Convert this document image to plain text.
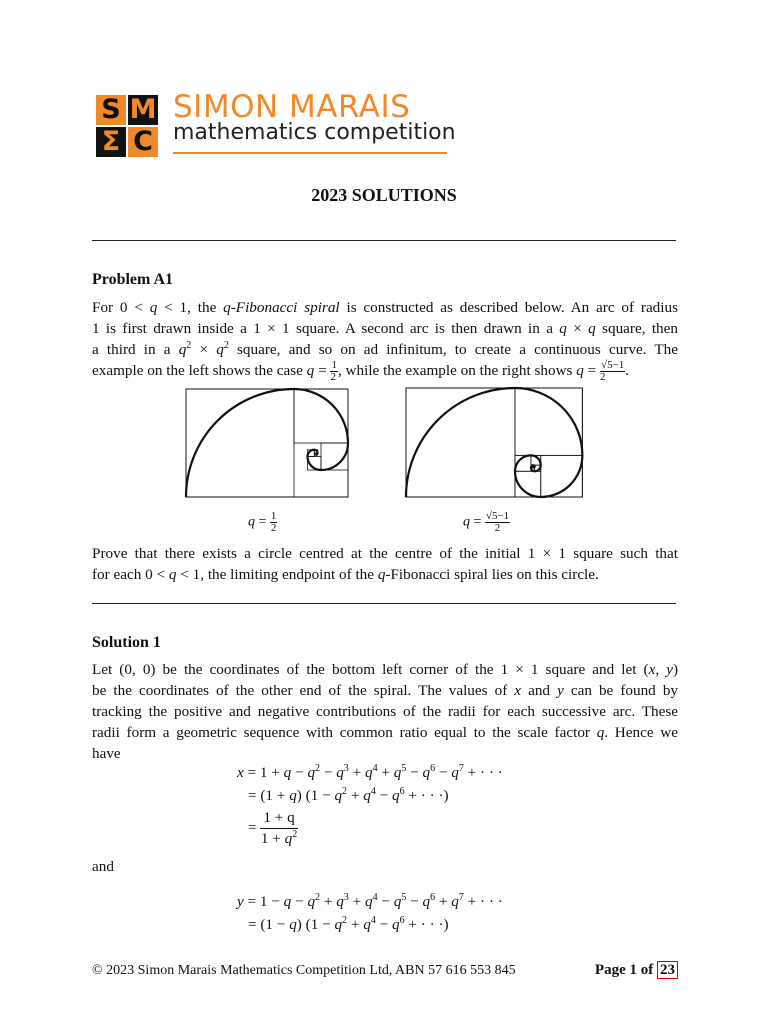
S M
Σ C
SIMON MARAIS
mathematics competition
2023 SOLUTIONS
Problem A1
For 0 < q < 1, the q-Fibonacci spiral is constructed as described below. An arc of radius
1 is first drawn inside a 1 × 1 square. A second arc is then drawn in a q × q square, then
a third in a $q^2 \times q^2$ square, and so on ad infinitum, to create a continuous curve. The
example on the left shows the case $q = \frac{1}{2}$ , while the example on the right shows $q = \frac{√5-1}{2}$ .
$q = \frac{1}{2}$	$q = \frac{√5-1}{2}$
Prove that there exists a circle centred at the centre of the initial 1 × 1 square such that
for each 0 < q < 1, the limiting endpoint of the q-Fibonacci spiral lies on this circle.
Solution 1
Let (0, 0) be the coordinates of the bottom left corner of the 1 × 1 square and let (x, y)
be the coordinates of the other end of the spiral. The values of x and y can be found by
tracking the positive and negative contributions of the radii for each successive arc. These
radii form a geometric sequence with common ratio equal to the scale factor q. Hence we
have
$x = 1 + q - q^2 - q^3 + q^4 + q^5 - q^6 - q^7$ + · · ·
= (1 + q) ($1 - q^2 + q^4 - q^6$ + · · ·)
= $\frac{1 + q}{1 + q^2}$
and
$y = 1 - q - q^2 + q^3 + q^4 - q^5 - q^6 + q^7$ + · · ·
= (1 − q) ($1 - q^2 + q^4 - q^6$ + · · ·)
© 2023 Simon Marais Mathematics Competition Ltd, ABN 57 616 553 845	Page 1 of 23
